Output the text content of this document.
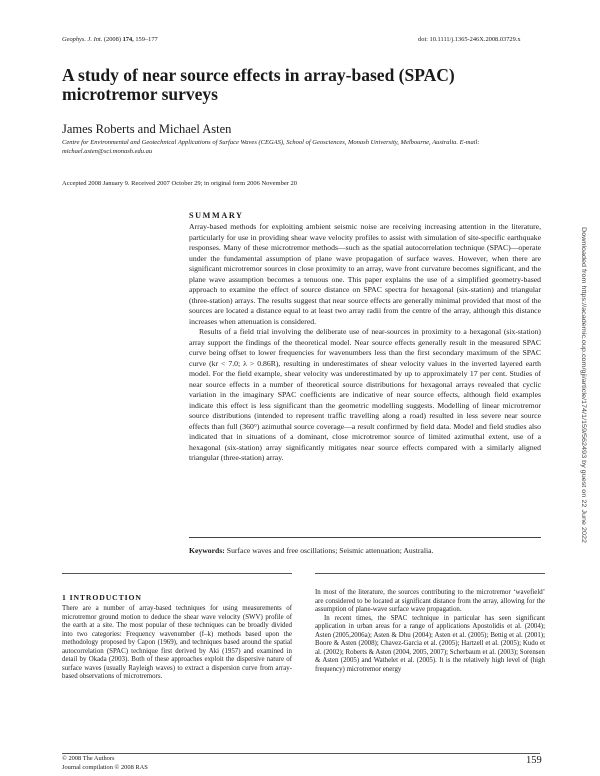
Geophys. J. Int. (2008) 174, 159–177	doi: 10.1111/j.1365-246X.2008.03729.x
A study of near source effects in array-based (SPAC) microtremor surveys
James Roberts and Michael Asten
Centre for Environmental and Geotechnical Applications of Surface Waves (CEGAS), School of Geosciences, Monash University, Melbourne, Australia. E-mail: michael.asten@sci.monash.edu.au
Accepted 2008 January 9. Received 2007 October 29; in original form 2006 November 20
SUMMARY

Array-based methods for exploiting ambient seismic noise are receiving increasing attention in the literature, particularly for use in providing shear wave velocity profiles to assist with simulation of site-specific earthquake responses. Many of these microtremor methods—such as the spatial autocorrelation technique (SPAC)—operate under the fundamental assumption of plane wave propagation of surface waves. However, when there are significant microtremor sources in close proximity to an array, wave front curvature becomes significant, and the plane wave assumption becomes a tenuous one. This paper explains the use of a simplified geometry-based approach to examine the effect of source distance on SPAC spectra for hexagonal (six-station) and triangular (three-station) arrays. The results suggest that near source effects are generally minimal provided that most of the sources are located a distance equal to at least two array radii from the centre of the array, although this distance increases when attenuation is considered.

Results of a field trial involving the deliberate use of near-sources in proximity to a hexagonal (six-station) array support the findings of the theoretical model. Near source effects generally result in the measured SPAC curve being offset to lower frequencies for wavenumbers less than the first secondary maximum of the SPAC curve (kr < 7.0; λ > 0.86R), resulting in underestimates of shear velocity values in the inverted layered earth model. For the field example, shear velocity was underestimated by up to approximately 17 per cent. Studies of near source effects in a number of theoretical source distributions for hexagonal arrays revealed that cyclic variation in the imaginary SPAC coefficients are indicative of near source effects, although field examples indicate this effect is less significant than the geometric modelling suggests. Modelling of linear microtremor source distributions (intended to represent traffic travelling along a road) resulted in less severe near source effects than full (360°) azimuthal source coverage—a result confirmed by field data. Model and field studies also indicated that in situations of a dominant, close microtremor source of limited azimuthal extent, use of a hexagonal (six-station) array significantly mitigates near source effects compared with a similarly aligned triangular (three-station) array.

Keywords: Surface waves and free oscillations; Seismic attenuation; Australia.
1 INTRODUCTION

There are a number of array-based techniques for using measurements of microtremor ground motion to deduce the shear wave velocity (SWV) profile of the earth at a site. The most popular of these techniques can be broadly divided into two categories: Frequency wavenumber (f–k) methods based upon the methodology proposed by Capon (1969), and techniques based around the spatial autocorrelation (SPAC) technique first derived by Aki (1957) and examined in detail by Okada (2003). Both of these approaches exploit the dispersive nature of surface waves (usually Rayleigh waves) to extract a dispersion curve from array-based observations of microtremors.

In most of the literature, the sources contributing to the microtremor ‘wavefield’ are considered to be located at significant distance from the array, allowing for the assumption of plane-wave surface wave propagation.

In recent times, the SPAC technique in particular has seen significant application in urban areas for a range of applications Apostolidis et al. (2004); Asten (2005,2006a); Asten & Dhu (2004); Asten et al. (2005); Bettig et al. (2001); Boore & Asten (2008); Chavez-Garcia et al. (2005); Hartzell et al. (2005); Kudo et al. (2002); Roberts & Asten (2004, 2005, 2007); Scherbaum et al. (2003); Sorensen & Asten (2005) and Wathelet et al. (2005). It is the relatively high level of (high frequency) microtremor energy

© 2008 The Authors
Journal compilation © 2008 RAS
159
Downloaded from https://academic.oup.com/gji/article/174/1/159/562493 by guest on 22 June 2022
